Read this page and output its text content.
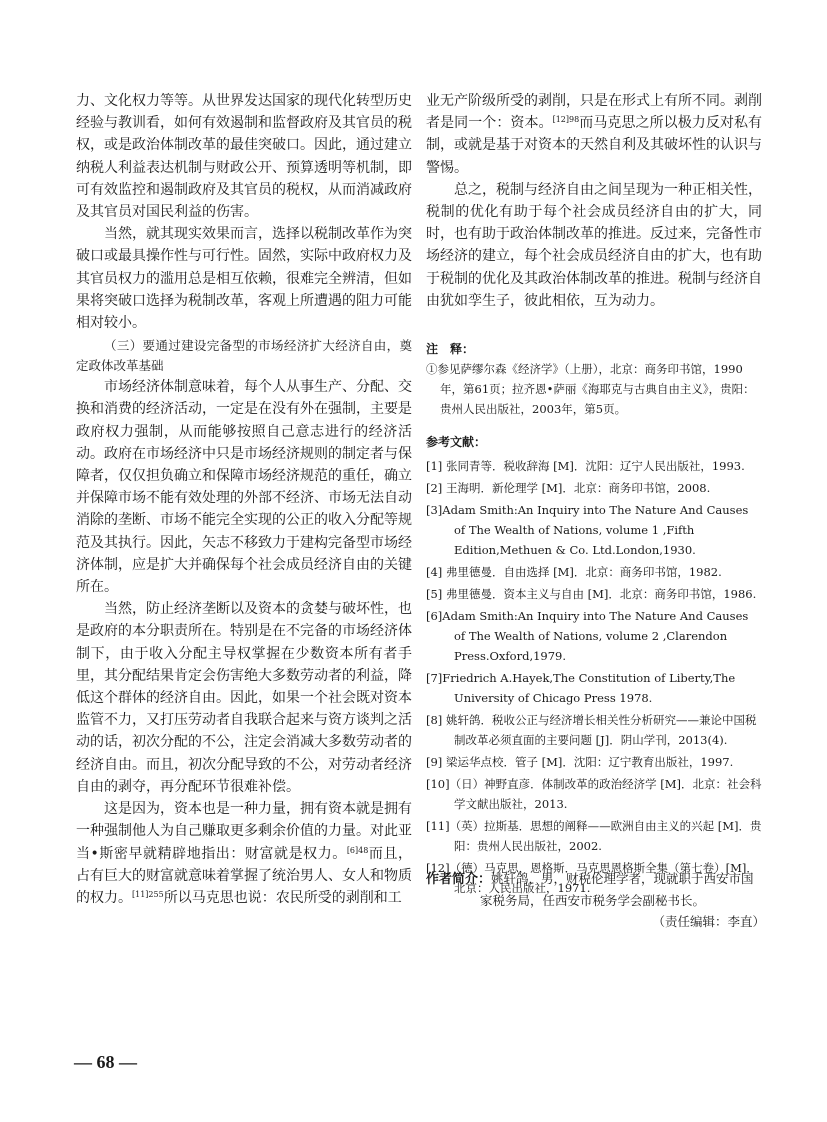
力、文化权力等等。从世界发达国家的现代化转型历史经验与教训看，如何有效遏制和监督政府及其官员的税权，或是政治体制改革的最佳突破口。因此，通过建立纳税人利益表达机制与财政公开、预算透明等机制，即可有效监控和遏制政府及其官员的税权，从而消减政府及其官员对国民利益的伤害。

当然，就其现实效果而言，选择以税制改革作为突破口或最具操作性与可行性。固然，实际中政府权力及其官员权力的滥用总是相互依赖，很难完全辨清，但如果将突破口选择为税制改革，客观上所遭遇的阻力可能相对较小。

（三）要通过建设完备型的市场经济扩大经济自由，奠定政体改革基础

市场经济体制意味着，每个人从事生产、分配、交换和消费的经济活动，一定是在没有外在强制，主要是政府权力强制，从而能够按照自己意志进行的经济活动。政府在市场经济中只是市场经济规则的制定者与保障者，仅仅担负确立和保障市场经济规范的重任，确立并保障市场不能有效处理的外部不经济、市场无法自动消除的垄断、市场不能完全实现的公正的收入分配等规范及其执行。因此，矢志不移致力于建构完备型市场经济体制，应是扩大并确保每个社会成员经济自由的关键所在。

当然，防止经济垄断以及资本的贪婪与破坏性，也是政府的本分职责所在。特别是在不完备的市场经济体制下，由于收入分配主导权掌握在少数资本所有者手里，其分配结果肯定会伤害绝大多数劳动者的利益，降低这个群体的经济自由。因此，如果一个社会既对资本监管不力，又打压劳动者自我联合起来与资方谈判之活动的话，初次分配的不公，注定会消减大多数劳动者的经济自由。而且，初次分配导致的不公，对劳动者经济自由的剥夺，再分配环节很难补偿。

这是因为，资本也是一种力量，拥有资本就是拥有一种强制他人为自己赚取更多剩余价值的力量。对此亚当•斯密早就精辟地指出：财富就是权力。$^{[6]48}$而且，占有巨大的财富就意味着掌握了统治男人、女人和物质的权力。$^{[11]255}$所以马克思也说：农民所受的剥削和工

业无产阶级所受的剥削，只是在形式上有所不同。剥削者是同一个：资本。$^{[12]98}$而马克思之所以极力反对私有制，或就是基于对资本的天然自利及其破坏性的认识与警惕。

总之，税制与经济自由之间呈现为一种正相关性，税制的优化有助于每个社会成员经济自由的扩大，同时，也有助于政治体制改革的推进。反过来，完备性市场经济的建立，每个社会成员经济自由的扩大，也有助于税制的优化及其政治体制改革的推进。税制与经济自由犹如孪生子，彼此相依，互为动力。

注　释：
①参见萨缪尔森《经济学》（上册），北京：商务印书馆，1990年，第61页；拉齐恩•萨丽《海耶克与古典自由主义》，贵阳：贵州人民出版社，2003年，第5页。
参考文献：
[1] 张同青等．税收辞海 [M]．沈阳：辽宁人民出版社，1993.
[2] 王海明．新伦理学 [M]．北京：商务印书馆，2008.
[3]Adam Smith:An Inquiry into The Nature And Causes of The Wealth of Nations, volume 1 ,Fifth Edition,Methuen & Co. Ltd.London,1930.
[4] 弗里德曼．自由选择 [M]．北京：商务印书馆，1982.
[5] 弗里德曼．资本主义与自由 [M]．北京：商务印书馆，1986.
[6]Adam Smith:An Inquiry into The Nature And Causes of The Wealth of Nations, volume 2 ,Clarendon Press.Oxford,1979.
[7]Friedrich A.Hayek,The Constitution of Liberty,The University of Chicago Press 1978.
[8] 姚轩鸽．税收公正与经济增长相关性分析研究——兼论中国税制改革必须直面的主要问题 [J]．阴山学刊，2013(4).
[9] 梁运华点校．管子 [M]．沈阳：辽宁教育出版社，1997.
[10]（日）神野直彦．体制改革的政治经济学 [M]．北京：社会科学文献出版社，2013.
[11]（英）拉斯基．思想的阐释——欧洲自由主义的兴起 [M]．贵阳：贵州人民出版社，2002.
[12]（德）马克思，恩格斯．马克思恩格斯全集（第七卷）[M]．北京：人民出版社，1971.
作者简介：姚轩鸽，男，财税伦理学者，现就职于西安市国
家税务局，任西安市税务学会副秘书长。
（责任编辑：李直）
— 68 —
